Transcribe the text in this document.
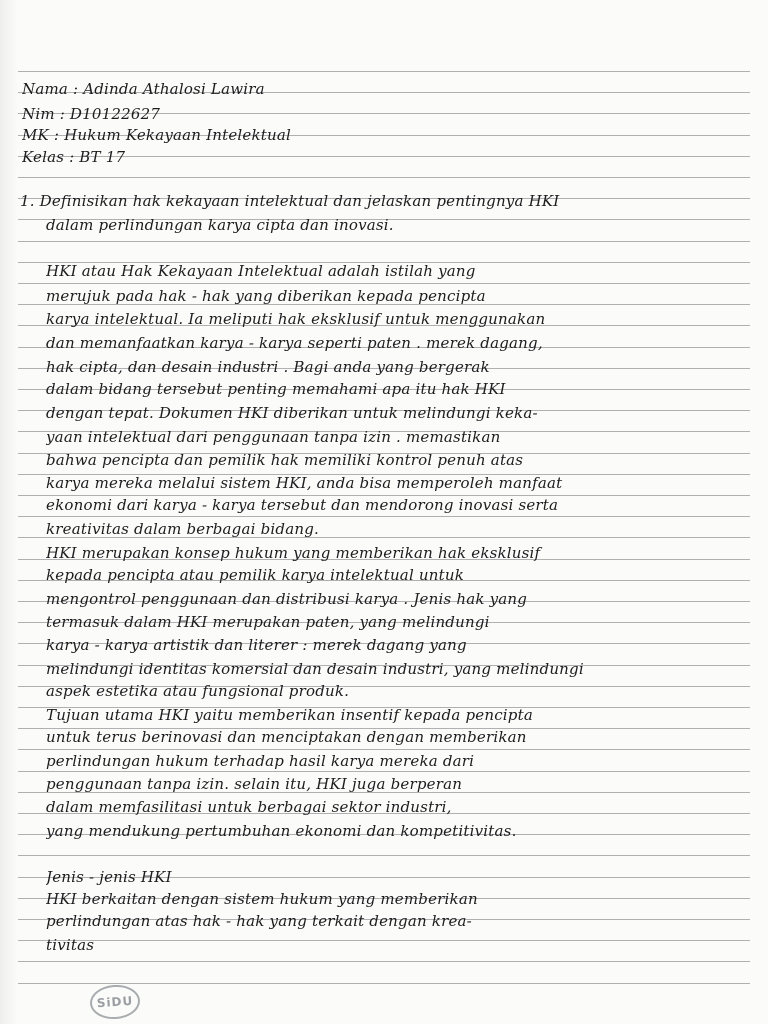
Nama : Adinda Athalosi Lawira
Nim : D10122627
MK : Hukum Kekayaan Intelektual
Kelas : BT 17
1. Definisikan hak kekayaan intelektual dan jelaskan pentingnya HKI
dalam perlindungan karya cipta dan inovasi.
HKI atau Hak Kekayaan Intelektual adalah istilah yang
merujuk pada hak - hak yang diberikan kepada pencipta
karya intelektual. Ia meliputi hak eksklusif untuk menggunakan
dan memanfaatkan karya - karya seperti paten . merek dagang,
hak cipta, dan desain industri . Bagi anda yang bergerak
dalam bidang tersebut penting memahami apa itu hak HKI
dengan tepat. Dokumen HKI diberikan untuk melindungi keka-
yaan intelektual dari penggunaan tanpa izin . memastikan
bahwa pencipta dan pemilik hak memiliki kontrol penuh atas
karya mereka melalui sistem HKI, anda bisa memperoleh manfaat
ekonomi dari karya - karya tersebut dan mendorong inovasi serta
kreativitas dalam berbagai bidang.
HKI merupakan konsep hukum yang memberikan hak eksklusif
kepada pencipta atau pemilik karya intelektual untuk
mengontrol penggunaan dan distribusi karya . Jenis hak yang
termasuk dalam HKI merupakan paten, yang melindungi
karya - karya artistik dan literer : merek dagang yang
melindungi identitas komersial dan desain industri, yang melindungi
aspek estetika atau fungsional produk.
Tujuan utama HKI yaitu memberikan insentif kepada pencipta
untuk terus berinovasi dan menciptakan dengan memberikan
perlindungan hukum terhadap hasil karya mereka dari
penggunaan tanpa izin. selain itu, HKI juga berperan
dalam memfasilitasi untuk berbagai sektor industri,
yang mendukung pertumbuhan ekonomi dan kompetitivitas.
Jenis - jenis HKI
HKI berkaitan dengan sistem hukum yang memberikan
perlindungan atas hak - hak yang terkait dengan krea-
tivitas
SiDU
